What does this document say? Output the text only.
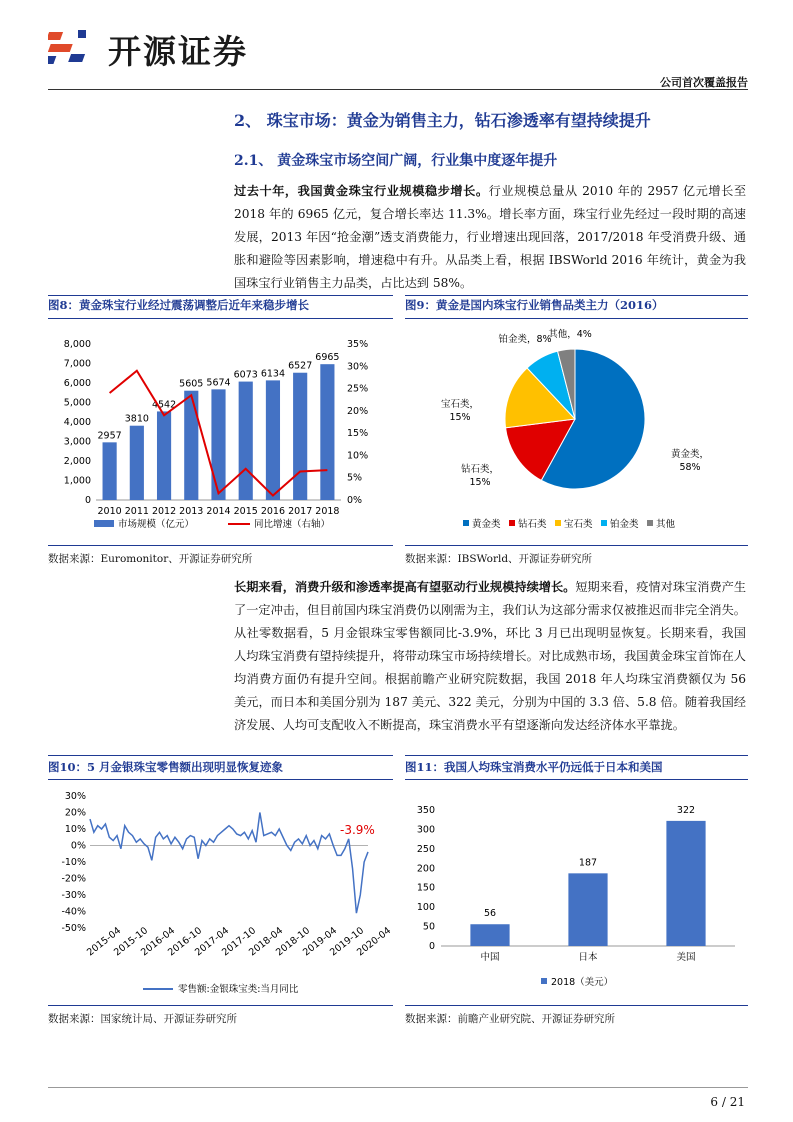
开源证券
公司首次覆盖报告
2、 珠宝市场：黄金为销售主力，钻石渗透率有望持续提升
2.1、 黄金珠宝市场空间广阔，行业集中度逐年提升
过去十年，我国黄金珠宝行业规模稳步增长。行业规模总量从 2010 年的 2957 亿元增长至 2018 年的 6965 亿元，复合增长率达 11.3%。增长率方面，珠宝行业先经过一段时期的高速发展，2013 年因“抢金潮”透支消费能力，行业增速出现回落，2017/2018 年受消费升级、通胀和避险等因素影响，增速稳中有升。从品类上看，根据 IBSWorld 2016 年统计，黄金为我国珠宝行业销售主力品类，占比达到 58%。
图8：黄金珠宝行业经过震荡调整后近年来稳步增长	图9：黄金是国内珠宝行业销售品类主力（2016）
0
1,000
2,000
3,000
4,000
5,000
6,000
7,000
8,000
0%
5%
10%
15%
20%
25%
30%
35%
2957
2010
3810
2011
4542
2012
5605
2013
5674
2014
6073
2015
6134
2016
6527
2017
6965
2018
市场规模（亿元）	同比增速（右轴）
黄金类，
58%
钻石类，
15%
宝石类，
15%
铂金类，8%
其他，4%
黄金类 钻石类 宝石类 铂金类 其他
数据来源：Euromonitor、开源证券研究所	数据来源：IBSWorld、开源证券研究所
长期来看，消费升级和渗透率提高有望驱动行业规模持续增长。短期来看，疫情对珠宝消费产生了一定冲击，但目前国内珠宝消费仍以刚需为主，我们认为这部分需求仅被推迟而非完全消失。从社零数据看，5 月金银珠宝零售额同比-3.9%，环比 3 月已出现明显恢复。长期来看，我国人均珠宝消费有望持续提升，将带动珠宝市场持续增长。对比成熟市场，我国黄金珠宝首饰在人均消费方面仍有提升空间。根据前瞻产业研究院数据，我国 2018 年人均珠宝消费额仅为 56 美元，而日本和美国分别为 187 美元、322 美元，分别为中国的 3.3 倍、5.8 倍。随着我国经济发展、人均可支配收入不断提高，珠宝消费水平有望逐渐向发达经济体水平靠拢。
图10：5 月金银珠宝零售额出现明显恢复迹象	图11：我国人均珠宝消费水平仍远低于日本和美国
30%
20%
10%
0%
-10%
-20%
-30%
-40%
-50% 2015-04
2015-10
2016-04
2016-10
2017-04
2017-10
2018-04
2018-10
2019-04
2019-10
2020-04
-3.9%
零售额:金银珠宝类:当月同比
0
50
100
150
200
250
300
350
56
中国
187
日本
322
美国
2018（美元）
数据来源：国家统计局、开源证券研究所	数据来源：前瞻产业研究院、开源证券研究所
6 / 21
